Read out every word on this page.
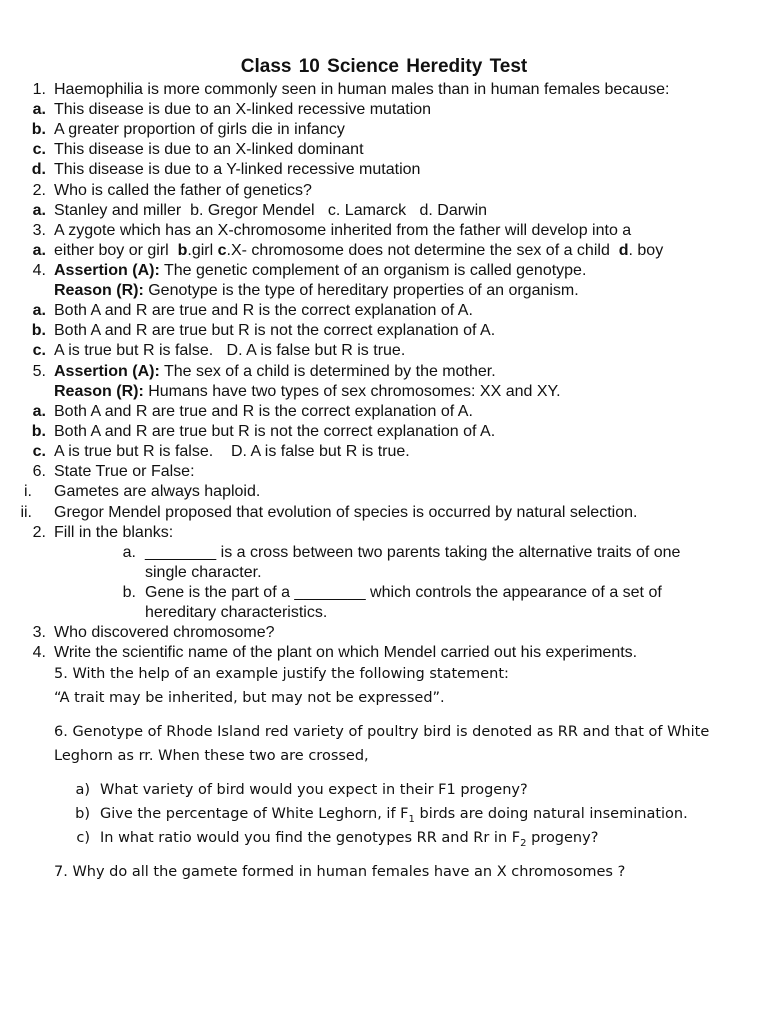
Class 10 Science Heredity Test
1. Haemophilia is more commonly seen in human males than in human females because:
a. This disease is due to an X-linked recessive mutation
b. A greater proportion of girls die in infancy
c. This disease is due to an X-linked dominant
d. This disease is due to a Y-linked recessive mutation
2. Who is called the father of genetics?
a. Stanley and miller  b. Gregor Mendel   c. Lamarck   d. Darwin
3. A zygote which has an X-chromosome inherited from the father will develop into a
a. either boy or girl  b.girl c.X- chromosome does not determine the sex of a child  d. boy
4. Assertion (A): The genetic complement of an organism is called genotype.
Reason (R): Genotype is the type of hereditary properties of an organism.
a. Both A and R are true and R is the correct explanation of A.
b. Both A and R are true but R is not the correct explanation of A.
c. A is true but R is false.   D. A is false but R is true.
5. Assertion (A): The sex of a child is determined by the mother.
Reason (R): Humans have two types of sex chromosomes: XX and XY.
a. Both A and R are true and R is the correct explanation of A.
b. Both A and R are true but R is not the correct explanation of A.
c. A is true but R is false.    D. A is false but R is true.
6. State True or False:
i. Gametes are always haploid.
ii. Gregor Mendel proposed that evolution of species is occurred by natural selection.
2. Fill in the blanks:
a. ________ is a cross between two parents taking the alternative traits of one single character.
b. Gene is the part of a ________ which controls the appearance of a set of hereditary characteristics.
3. Who discovered chromosome?
4. Write the scientific name of the plant on which Mendel carried out his experiments.
5. With the help of an example justify the following statement:
“A trait may be inherited, but may not be expressed”.
6. Genotype of Rhode Island red variety of poultry bird is denoted as RR and that of White
Leghorn as rr. When these two are crossed,
a) What variety of bird would you expect in their F1 progeny?
b) Give the percentage of White Leghorn, if $F_1$ birds are doing natural insemination.
c) In what ratio would you find the genotypes RR and Rr in $F_2$ progeny?
7. Why do all the gamete formed in human females have an X chromosomes ?
